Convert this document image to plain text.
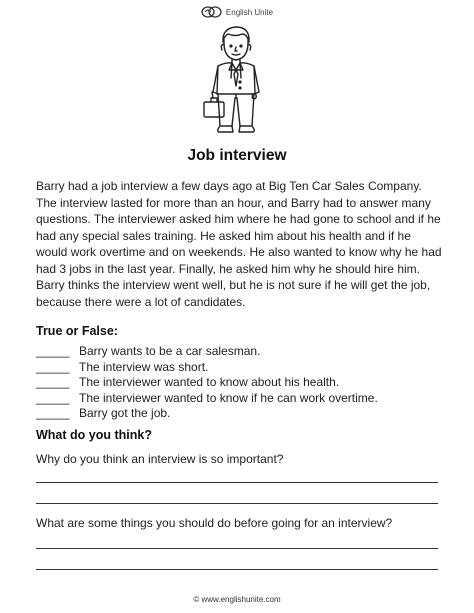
English Unite
Job interview

Barry had a job interview a few days ago at Big Ten Car Sales Company. The interview lasted for more than an hour, and Barry had to answer many questions. The interviewer asked him where he had gone to school and if he had any special sales training. He asked him about his health and if he would work overtime and on weekends. He also wanted to know why he had had 3 jobs in the last year. Finally, he asked him why he should hire him. Barry thinks the interview went well, but he is not sure if he will get the job, because there were a lot of candidates.

True or False:
_____ Barry wants to be a car salesman.
_____ The interview was short.
_____ The interviewer wanted to know about his health.
_____ The interviewer wanted to know if he can work overtime.
_____ Barry got the job.
What do you think?
Why do you think an interview is so important?
What are some things you should do before going for an interview?
© www.englishunite.com
